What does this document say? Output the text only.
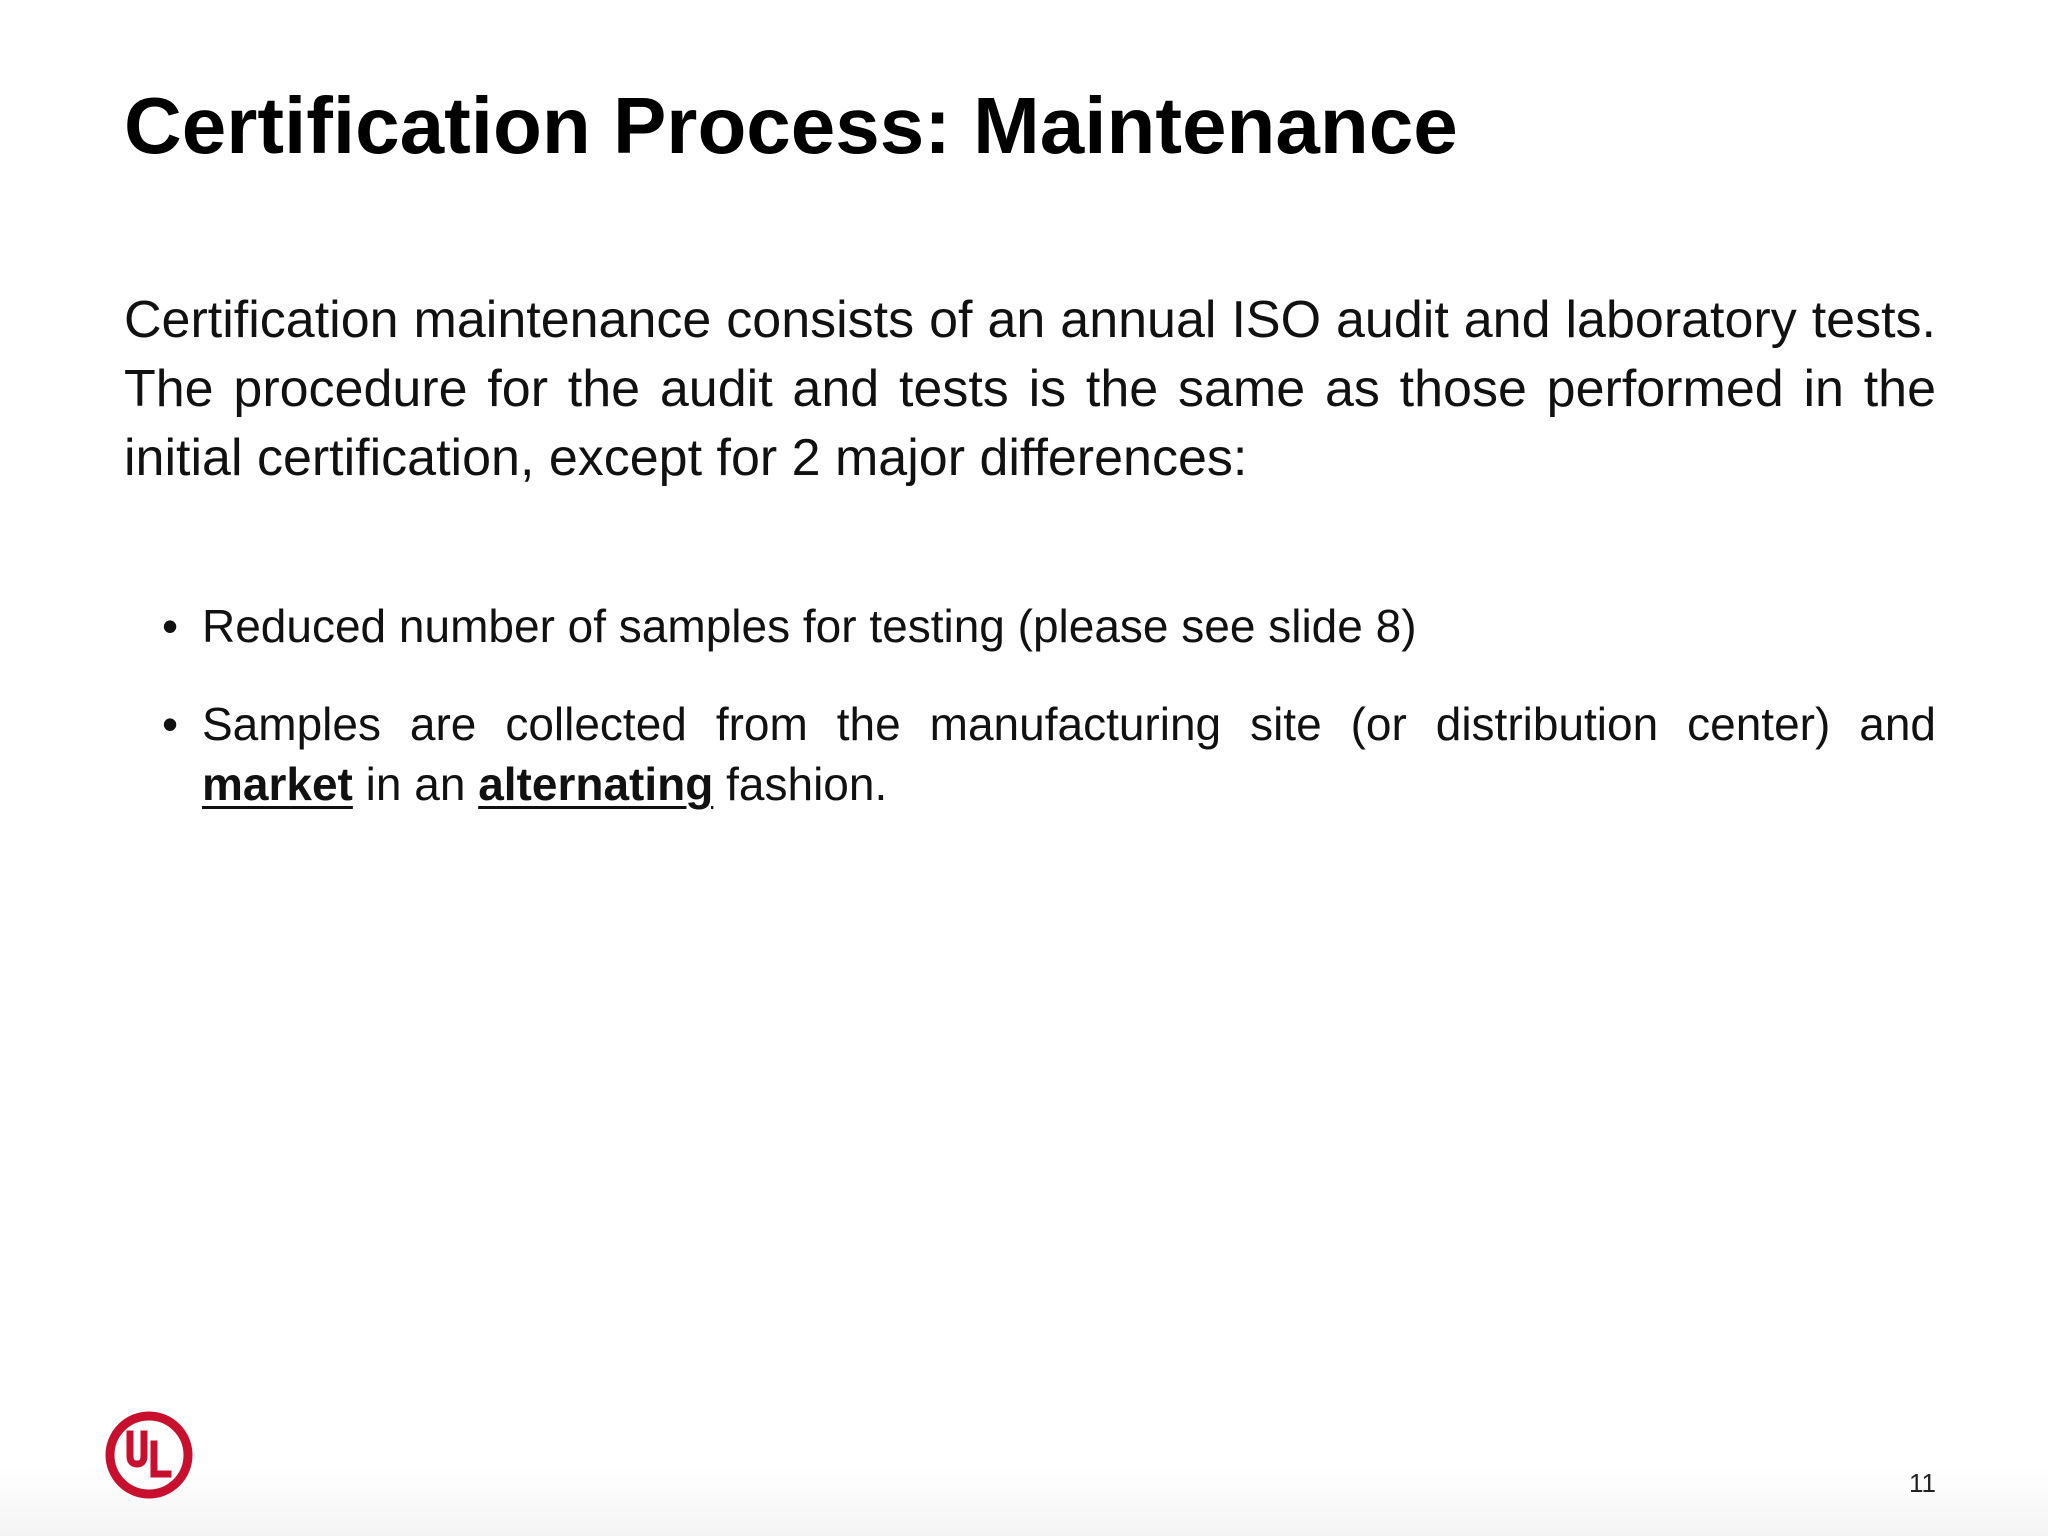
Certification Process: Maintenance

Certification maintenance consists of an annual ISO audit and laboratory tests. The procedure for the audit and tests is the same as those performed in the initial certification, except for 2 major differences:

• Reduced number of samples for testing (please see slide 8)
• Samples are collected from the manufacturing site (or distribution center) and market in an alternating fashion.
11
